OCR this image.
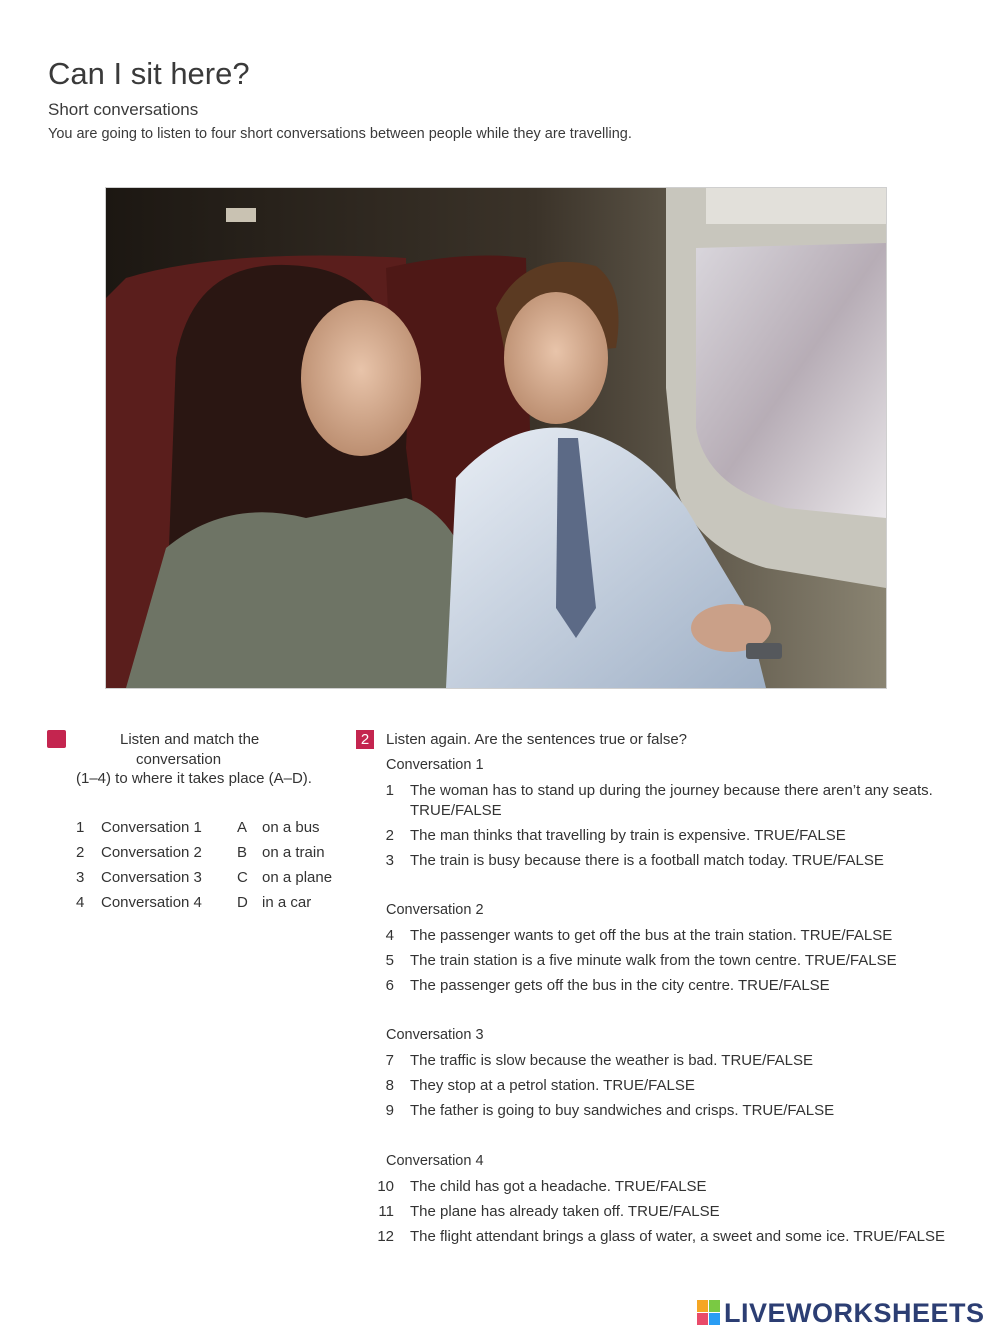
Can I sit here?
Short conversations
You are going to listen to four short conversations between people while they are travelling.
Listen and match the
conversation
(1–4) to where it takes place (A–D).
1 Conversation 1 A on a bus
2 Conversation 2 B on a train
3 Conversation 3 C on a plane
4 Conversation 4 D in a car
2	Listen again. Are the sentences true or false?
Conversation 1
1 The woman has to stand up during the journey because there aren’t any seats. TRUE/FALSE
2 The man thinks that travelling by train is expensive. TRUE/FALSE
3 The train is busy because there is a football match today. TRUE/FALSE
Conversation 2
4 The passenger wants to get off the bus at the train station. TRUE/FALSE
5 The train station is a five minute walk from the town centre. TRUE/FALSE
6 The passenger gets off the bus in the city centre. TRUE/FALSE
Conversation 3
7 The traffic is slow because the weather is bad. TRUE/FALSE
8 They stop at a petrol station. TRUE/FALSE
9 The father is going to buy sandwiches and crisps. TRUE/FALSE
Conversation 4
10 The child has got a headache. TRUE/FALSE
11 The plane has already taken off. TRUE/FALSE
12 The flight attendant brings a glass of water, a sweet and some ice. TRUE/FALSE
LIVEWORKSHEETS
